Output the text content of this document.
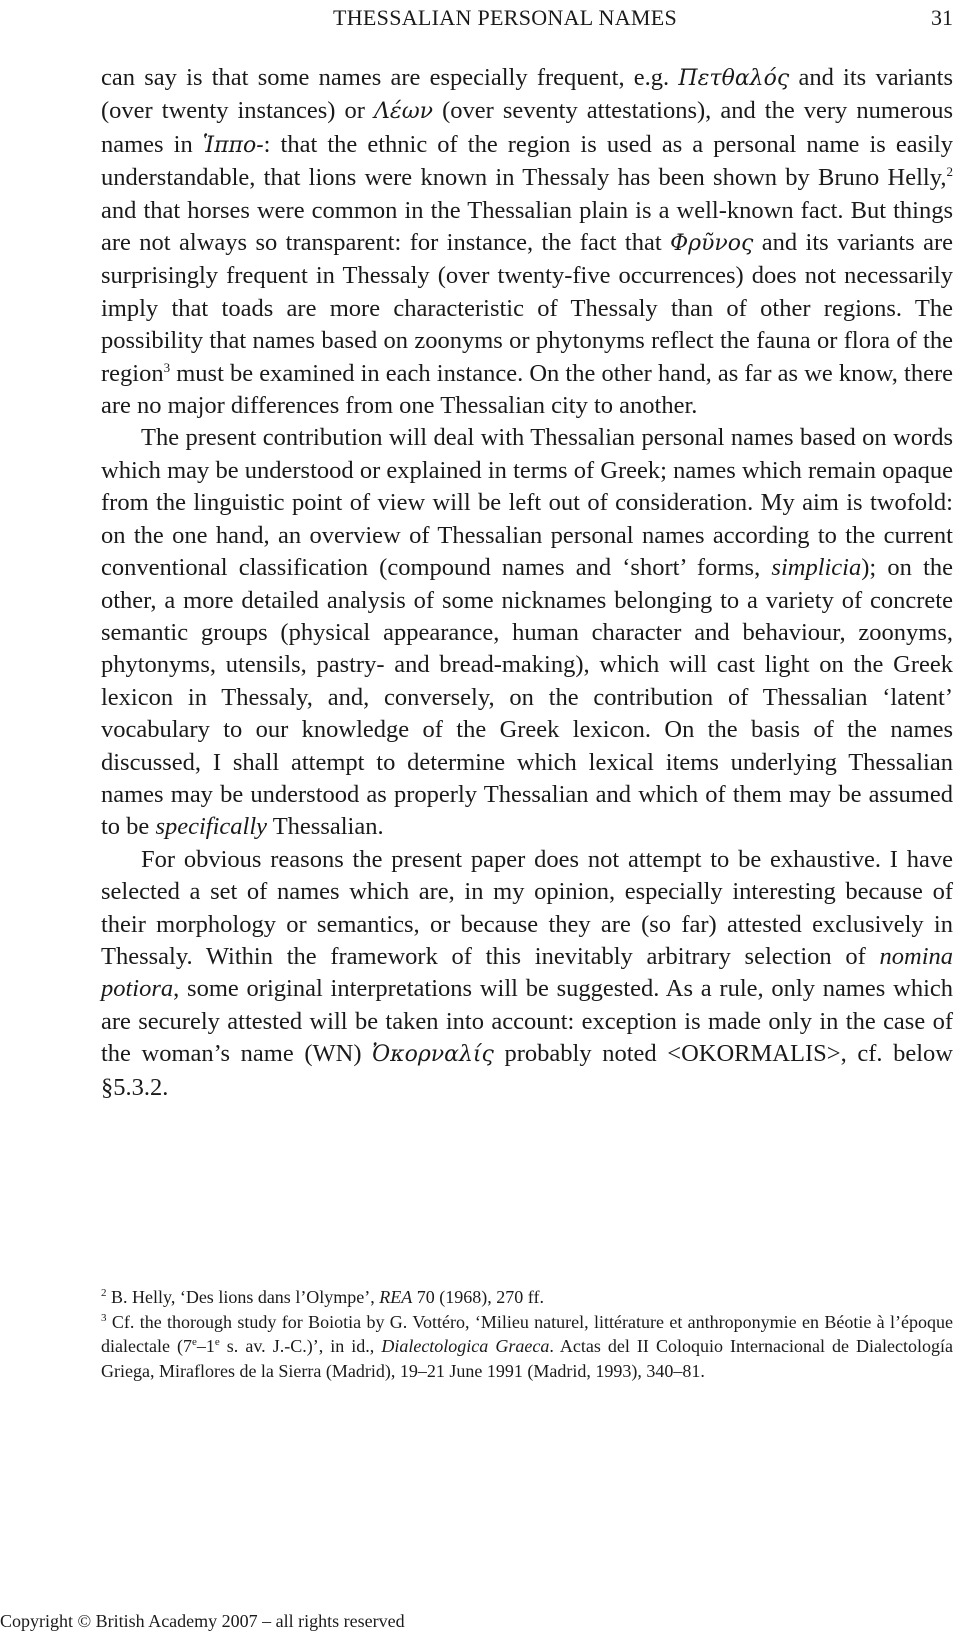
THESSALIAN PERSONAL NAMES	31

can say is that some names are especially frequent, e.g. Πετθαλός and its variants (over twenty instances) or Λέων (over seventy attestations), and the very numerous names in Ἱππο-: that the ethnic of the region is used as a personal name is easily understandable, that lions were known in Thessaly has been shown by Bruno Helly,$^2$ and that horses were common in the Thessalian plain is a well-known fact. But things are not always so transparent: for instance, the fact that Φρῦνος and its variants are surprisingly frequent in Thessaly (over twenty-five occurrences) does not necessarily imply that toads are more characteristic of Thessaly than of other regions. The possibility that names based on zoonyms or phytonyms reflect the fauna or flora of the region$^3$ must be examined in each instance. On the other hand, as far as we know, there are no major differences from one Thessalian city to another.

The present contribution will deal with Thessalian personal names based on words which may be understood or explained in terms of Greek; names which remain opaque from the linguistic point of view will be left out of consideration. My aim is twofold: on the one hand, an overview of Thessalian personal names according to the current conventional classification (compound names and ‘short’ forms, simplicia); on the other, a more detailed analysis of some nicknames belonging to a variety of concrete semantic groups (physical appearance, human character and behaviour, zoonyms, phytonyms, utensils, pastry- and bread-making), which will cast light on the Greek lexicon in Thessaly, and, conversely, on the contribution of Thessalian ‘latent’ vocabulary to our knowledge of the Greek lexicon. On the basis of the names discussed, I shall attempt to determine which lexical items underlying Thessalian names may be understood as properly Thessalian and which of them may be assumed to be specifically Thessalian.

For obvious reasons the present paper does not attempt to be exhaustive. I have selected a set of names which are, in my opinion, especially interesting because of their morphology or semantics, or because they are (so far) attested exclusively in Thessaly. Within the framework of this inevitably arbitrary selection of nomina potiora, some original interpretations will be suggested. As a rule, only names which are securely attested will be taken into account: exception is made only in the case of the woman’s name (WN) Ὀκορναλίς probably noted <OKORMALIS>, cf. below §5.3.2.

$^2$ B. Helly, ‘Des lions dans l’Olympe’, REA 70 (1968), 270 ff.

$^3$ Cf. the thorough study for Boiotia by G. Vottéro, ‘Milieu naturel, littérature et anthroponymie en Béotie à l’époque dialectale (7e–1e s. av. J.-C.)’, in id., Dialectologica Graeca. Actas del II Coloquio Internacional de Dialectología Griega, Miraflores de la Sierra (Madrid), 19–21 June 1991 (Madrid, 1993), 340–81.

Copyright © British Academy 2007 – all rights reserved
